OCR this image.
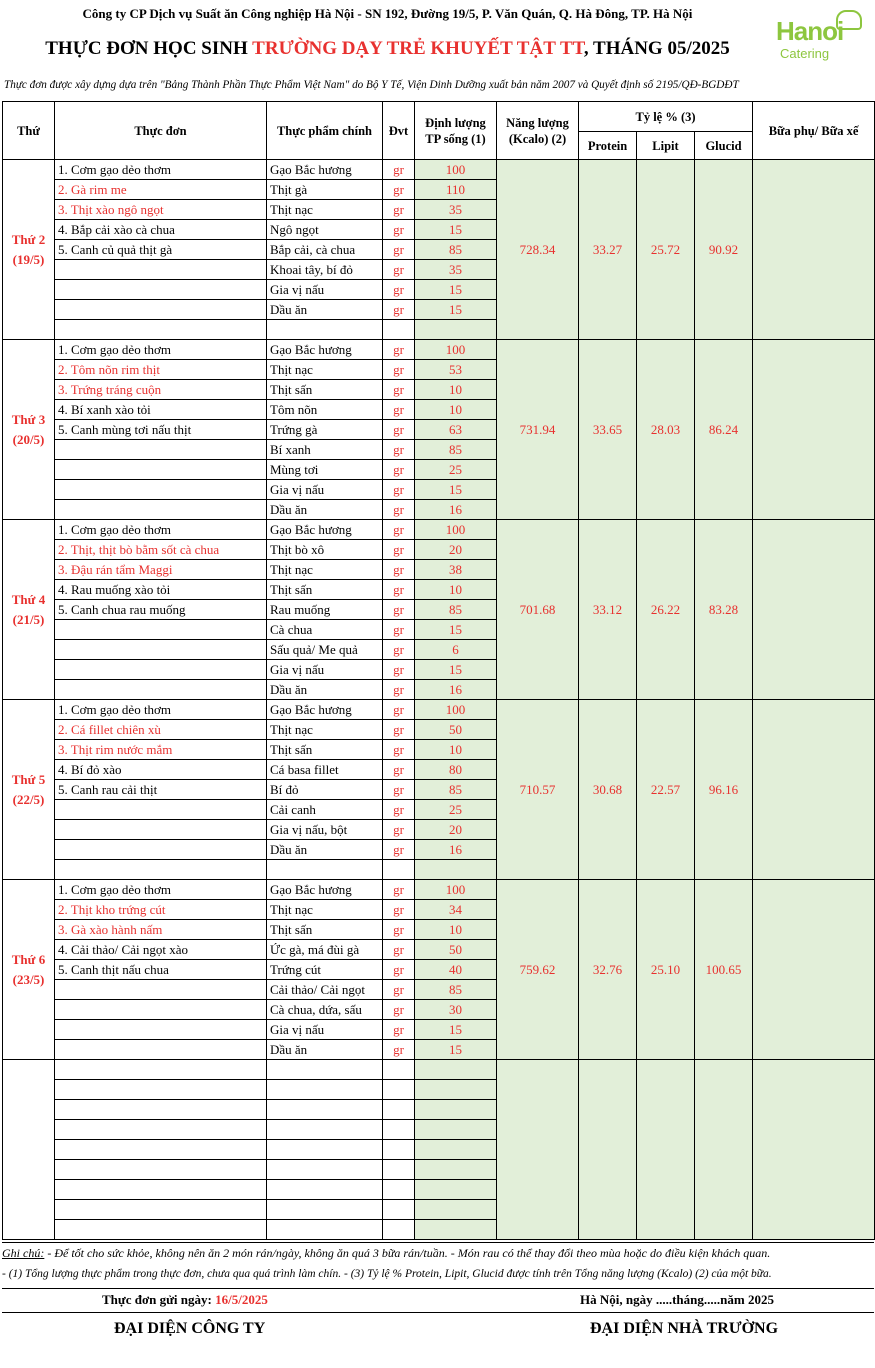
Công ty CP Dịch vụ Suất ăn Công nghiệp Hà Nội - SN 192, Đường 19/5, P. Văn Quán, Q. Hà Đông, TP. Hà Nội
THỰC ĐƠN HỌC SINH TRƯỜNG DẠY TRẺ KHUYẾT TẬT TT, THÁNG 05/2025
Hanoi
Catering
Thực đơn được xây dựng dựa trên "Bảng Thành Phần Thực Phẩm Việt Nam" do Bộ Y Tế, Viện Dinh Dưỡng xuất bản năm 2007 và Quyết định số 2195/QĐ-BGDĐT
Thứ	Thực đơn	Thực phẩm chính	Đvt	Định lượng TP sống (1)	Năng lượng (Kcalo) (2)	Tỷ lệ % (3)			Bữa phụ/ Bữa xế
						Protein	Lipit	Glucid	

Thứ 2
(19/5)	1. Cơm gạo dẻo thơm	Gạo Bắc hương	gr	100	728.34	33.27	25.72	90.92	
	2. Gà rim me	Thịt gà	gr	110					
	3. Thịt xào ngô ngọt	Thịt nạc	gr	35					
	4. Bắp cải xào cà chua	Ngô ngọt	gr	15					
	5. Canh củ quả thịt gà	Bắp cải, cà chua	gr	85					
		Khoai tây, bí đỏ	gr	35					
		Gia vị nấu	gr	15					
		Dầu ăn	gr	15					

Thứ 3
(20/5)	1. Cơm gạo dẻo thơm	Gạo Bắc hương	gr	100	731.94	33.65	28.03	86.24	
	2. Tôm nõn rim thịt	Thịt nạc	gr	53					
	3. Trứng tráng cuộn	Thịt sấn	gr	10					
	4. Bí xanh xào tỏi	Tôm nõn	gr	10					
	5. Canh mùng tơi nấu thịt	Trứng gà	gr	63					
		Bí xanh	gr	85					
		Mùng tơi	gr	25					
		Gia vị nấu	gr	15					
		Dầu ăn	gr	16					

Thứ 4
(21/5)	1. Cơm gạo dẻo thơm	Gạo Bắc hương	gr	100	701.68	33.12	26.22	83.28	
	2. Thịt, thịt bò bằm sốt cà chua	Thịt bò xô	gr	20					
	3. Đậu rán tẩm Maggi	Thịt nạc	gr	38					
	4. Rau muống xào tỏi	Thịt sấn	gr	10					
	5. Canh chua rau muống	Rau muống	gr	85					
		Cà chua	gr	15					
		Sấu quả/ Me quả	gr	6					
		Gia vị nấu	gr	15					
		Dầu ăn	gr	16					

Thứ 5
(22/5)	1. Cơm gạo dẻo thơm	Gạo Bắc hương	gr	100	710.57	30.68	22.57	96.16	
	2. Cá fillet chiên xù	Thịt nạc	gr	50					
	3. Thịt rim nước mắm	Thịt sấn	gr	10					
	4. Bí đỏ xào	Cá basa fillet	gr	80					
	5. Canh rau cải thịt	Bí đỏ	gr	85					
		Cải canh	gr	25					
		Gia vị nấu, bột	gr	20					
		Dầu ăn	gr	16					

Thứ 6
(23/5)	1. Cơm gạo dẻo thơm	Gạo Bắc hương	gr	100	759.62	32.76	25.10	100.65	
	2. Thịt kho trứng cút	Thịt nạc	gr	34					
	3. Gà xào hành nấm	Thịt sấn	gr	10					
	4. Cải thảo/ Cải ngọt xào	Ức gà, má đùi gà	gr	50					
	5. Canh thịt nấu chua	Trứng cút	gr	40					
		Cải thảo/ Cải ngọt	gr	85					
		Cà chua, dứa, sấu	gr	30					
		Gia vị nấu	gr	15					
		Dầu ăn	gr	15					

Ghi chú: - Để tốt cho sức khỏe, không nên ăn 2 món rán/ngày, không ăn quá 3 bữa rán/tuần. - Món rau có thể thay đổi theo mùa hoặc do điều kiện khách quan.
- (1) Tổng lượng thực phẩm trong thực đơn, chưa qua quá trình làm chín. - (3) Tỷ lệ % Protein, Lipit, Glucid được tính trên Tổng năng lượng (Kcalo) (2) của một bữa.
Thực đơn gửi ngày: 16/5/2025	Hà Nội, ngày .....tháng.....năm 2025
ĐẠI DIỆN CÔNG TY	ĐẠI DIỆN NHÀ TRƯỜNG
